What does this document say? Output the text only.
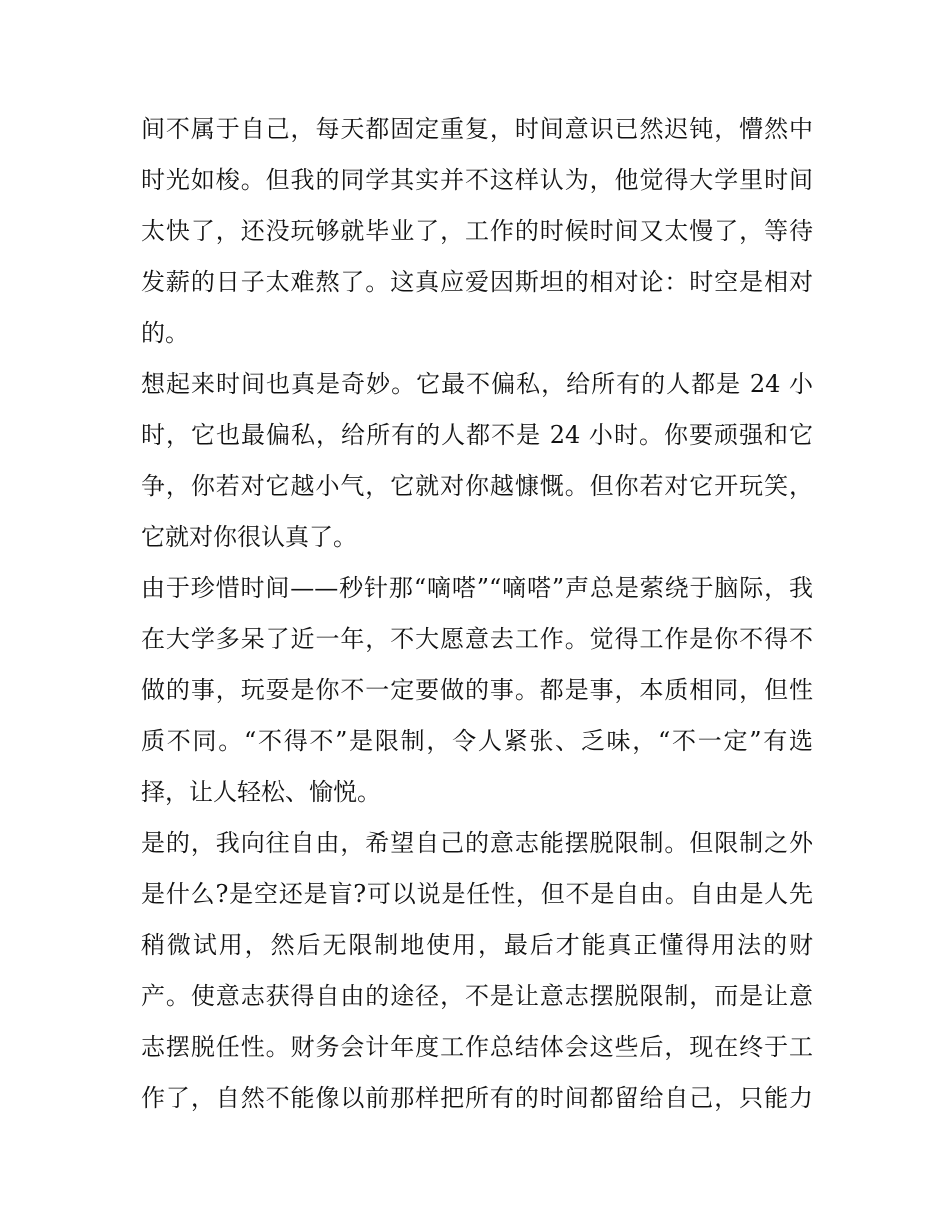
间不属于自己，每天都固定重复，时间意识已然迟钝，懵然中
时光如梭。但我的同学其实并不这样认为，他觉得大学里时间
太快了，还没玩够就毕业了，工作的时候时间又太慢了，等待
发薪的日子太难熬了。这真应爱因斯坦的相对论：时空是相对
的。
想起来时间也真是奇妙。它最不偏私，给所有的人都是 24 小
时，它也最偏私，给所有的人都不是 24 小时。你要顽强和它
争，你若对它越小气，它就对你越慷慨。但你若对它开玩笑，
它就对你很认真了。
由于珍惜时间——秒针那“嘀嗒”“嘀嗒”声总是萦绕于脑际，我
在大学多呆了近一年，不大愿意去工作。觉得工作是你不得不
做的事，玩耍是你不一定要做的事。都是事，本质相同，但性
质不同。“不得不”是限制，令人紧张、乏味，“不一定”有选
择，让人轻松、愉悦。
是的，我向往自由，希望自己的意志能摆脱限制。但限制之外
是什么?是空还是盲?可以说是任性，但不是自由。自由是人先
稍微试用，然后无限制地使用，最后才能真正懂得用法的财
产。使意志获得自由的途径，不是让意志摆脱限制，而是让意
志摆脱任性。财务会计年度工作总结体会这些后，现在终于工
作了，自然不能像以前那样把所有的时间都留给自己，只能力
